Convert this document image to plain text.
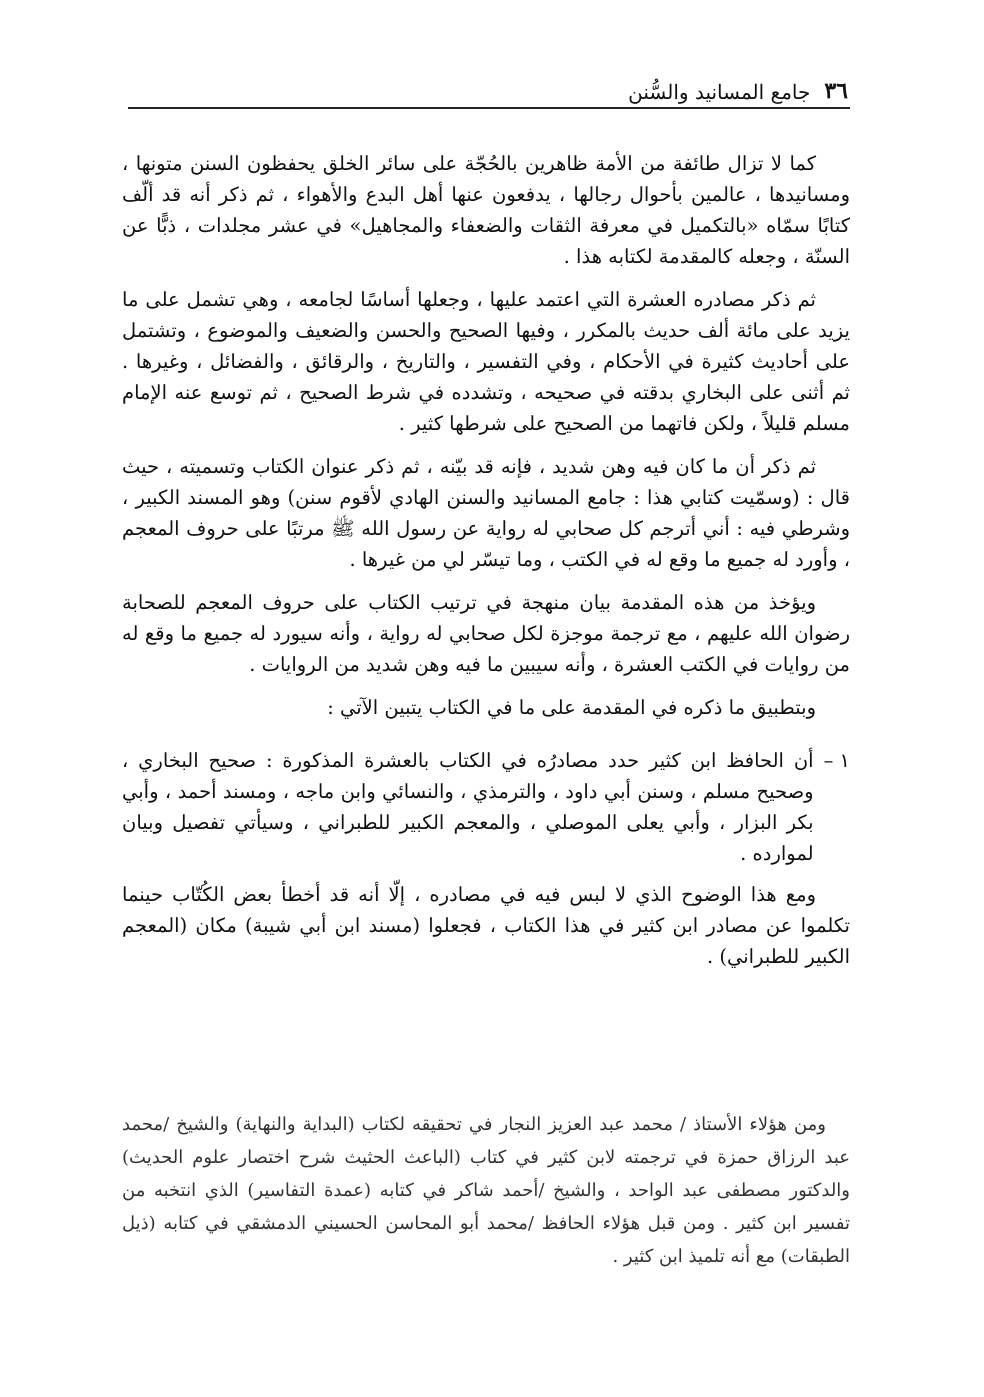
٣٦
جامع المسانيد والسُّنن

كما لا تزال طائفة من الأمة ظاهرين بالحُجّة على سائر الخلق يحفظون السنن متونها ، ومسانيدها ، عالمين بأحوال رجالها ، يدفعون عنها أهل البدع والأهواء ، ثم ذكر أنه قد ألّف كتابًا سمّاه «بالتكميل في معرفة الثقات والضعفاء والمجاهيل» في عشر مجلدات ، ذبًّا عن السنّة ، وجعله كالمقدمة لكتابه هذا .

ثم ذكر مصادره العشرة التي اعتمد عليها ، وجعلها أساسًا لجامعه ، وهي تشمل على ما يزيد على مائة ألف حديث بالمكرر ، وفيها الصحيح والحسن والضعيف والموضوع ، وتشتمل على أحاديث كثيرة في الأحكام ، وفي التفسير ، والتاريخ ، والرقائق ، والفضائل ، وغيرها . ثم أثنى على البخاري بدقته في صحيحه ، وتشدده في شرط الصحيح ، ثم توسع عنه الإمام مسلم قليلاً ، ولكن فاتهما من الصحيح على شرطها كثير .

ثم ذكر أن ما كان فيه وهن شديد ، فإنه قد بيّنه ، ثم ذكر عنوان الكتاب وتسميته ، حيث قال : (وسمّيت كتابي هذا : جامع المسانيد والسنن الهادي لأقوم سنن) وهو المسند الكبير ، وشرطي فيه : أني أترجم كل صحابي له رواية عن رسول الله ﷺ مرتبًا على حروف المعجم ، وأورد له جميع ما وقع له في الكتب ، وما تيسّر لي من غيرها .

ويؤخذ من هذه المقدمة بيان منهجة في ترتيب الكتاب على حروف المعجم للصحابة رضوان الله عليهم ، مع ترجمة موجزة لكل صحابي له رواية ، وأنه سيورد له جميع ما وقع له من روايات في الكتب العشرة ، وأنه سيبين ما فيه وهن شديد من الروايات .

وبتطبيق ما ذكره في المقدمة على ما في الكتاب يتبين الآتي :

١ –
أن الحافظ ابن كثير حدد مصادرُه في الكتاب بالعشرة المذكورة : صحيح البخاري ، وصحيح مسلم ، وسنن أبي داود ، والترمذي ، والنسائي وابن ماجه ، ومسند أحمد ، وأبي بكر البزار ، وأبي يعلى الموصلي ، والمعجم الكبير للطبراني ، وسيأتي تفصيل وبيان لموارده .

ومع هذا الوضوح الذي لا لبس فيه في مصادره ، إلّا أنه قد أخطأ بعض الكُتّاب حينما تكلموا عن مصادر ابن كثير في هذا الكتاب ، فجعلوا (مسند ابن أبي شيبة) مكان (المعجم الكبير للطبراني) .

ومن هؤلاء الأستاذ / محمد عبد العزيز النجار في تحقيقه لكتاب (البداية والنهاية) والشيخ /محمد عبد الرزاق حمزة في ترجمته لابن كثير في كتاب (الباعث الحثيث شرح اختصار علوم الحديث) والدكتور مصطفى عبد الواحد ، والشيخ /أحمد شاكر في كتابه (عمدة التفاسير) الذي انتخبه من تفسير ابن كثير . ومن قبل هؤلاء الحافظ /محمد أبو المحاسن الحسيني الدمشقي في كتابه (ذيل الطبقات) مع أنه تلميذ ابن كثير .
